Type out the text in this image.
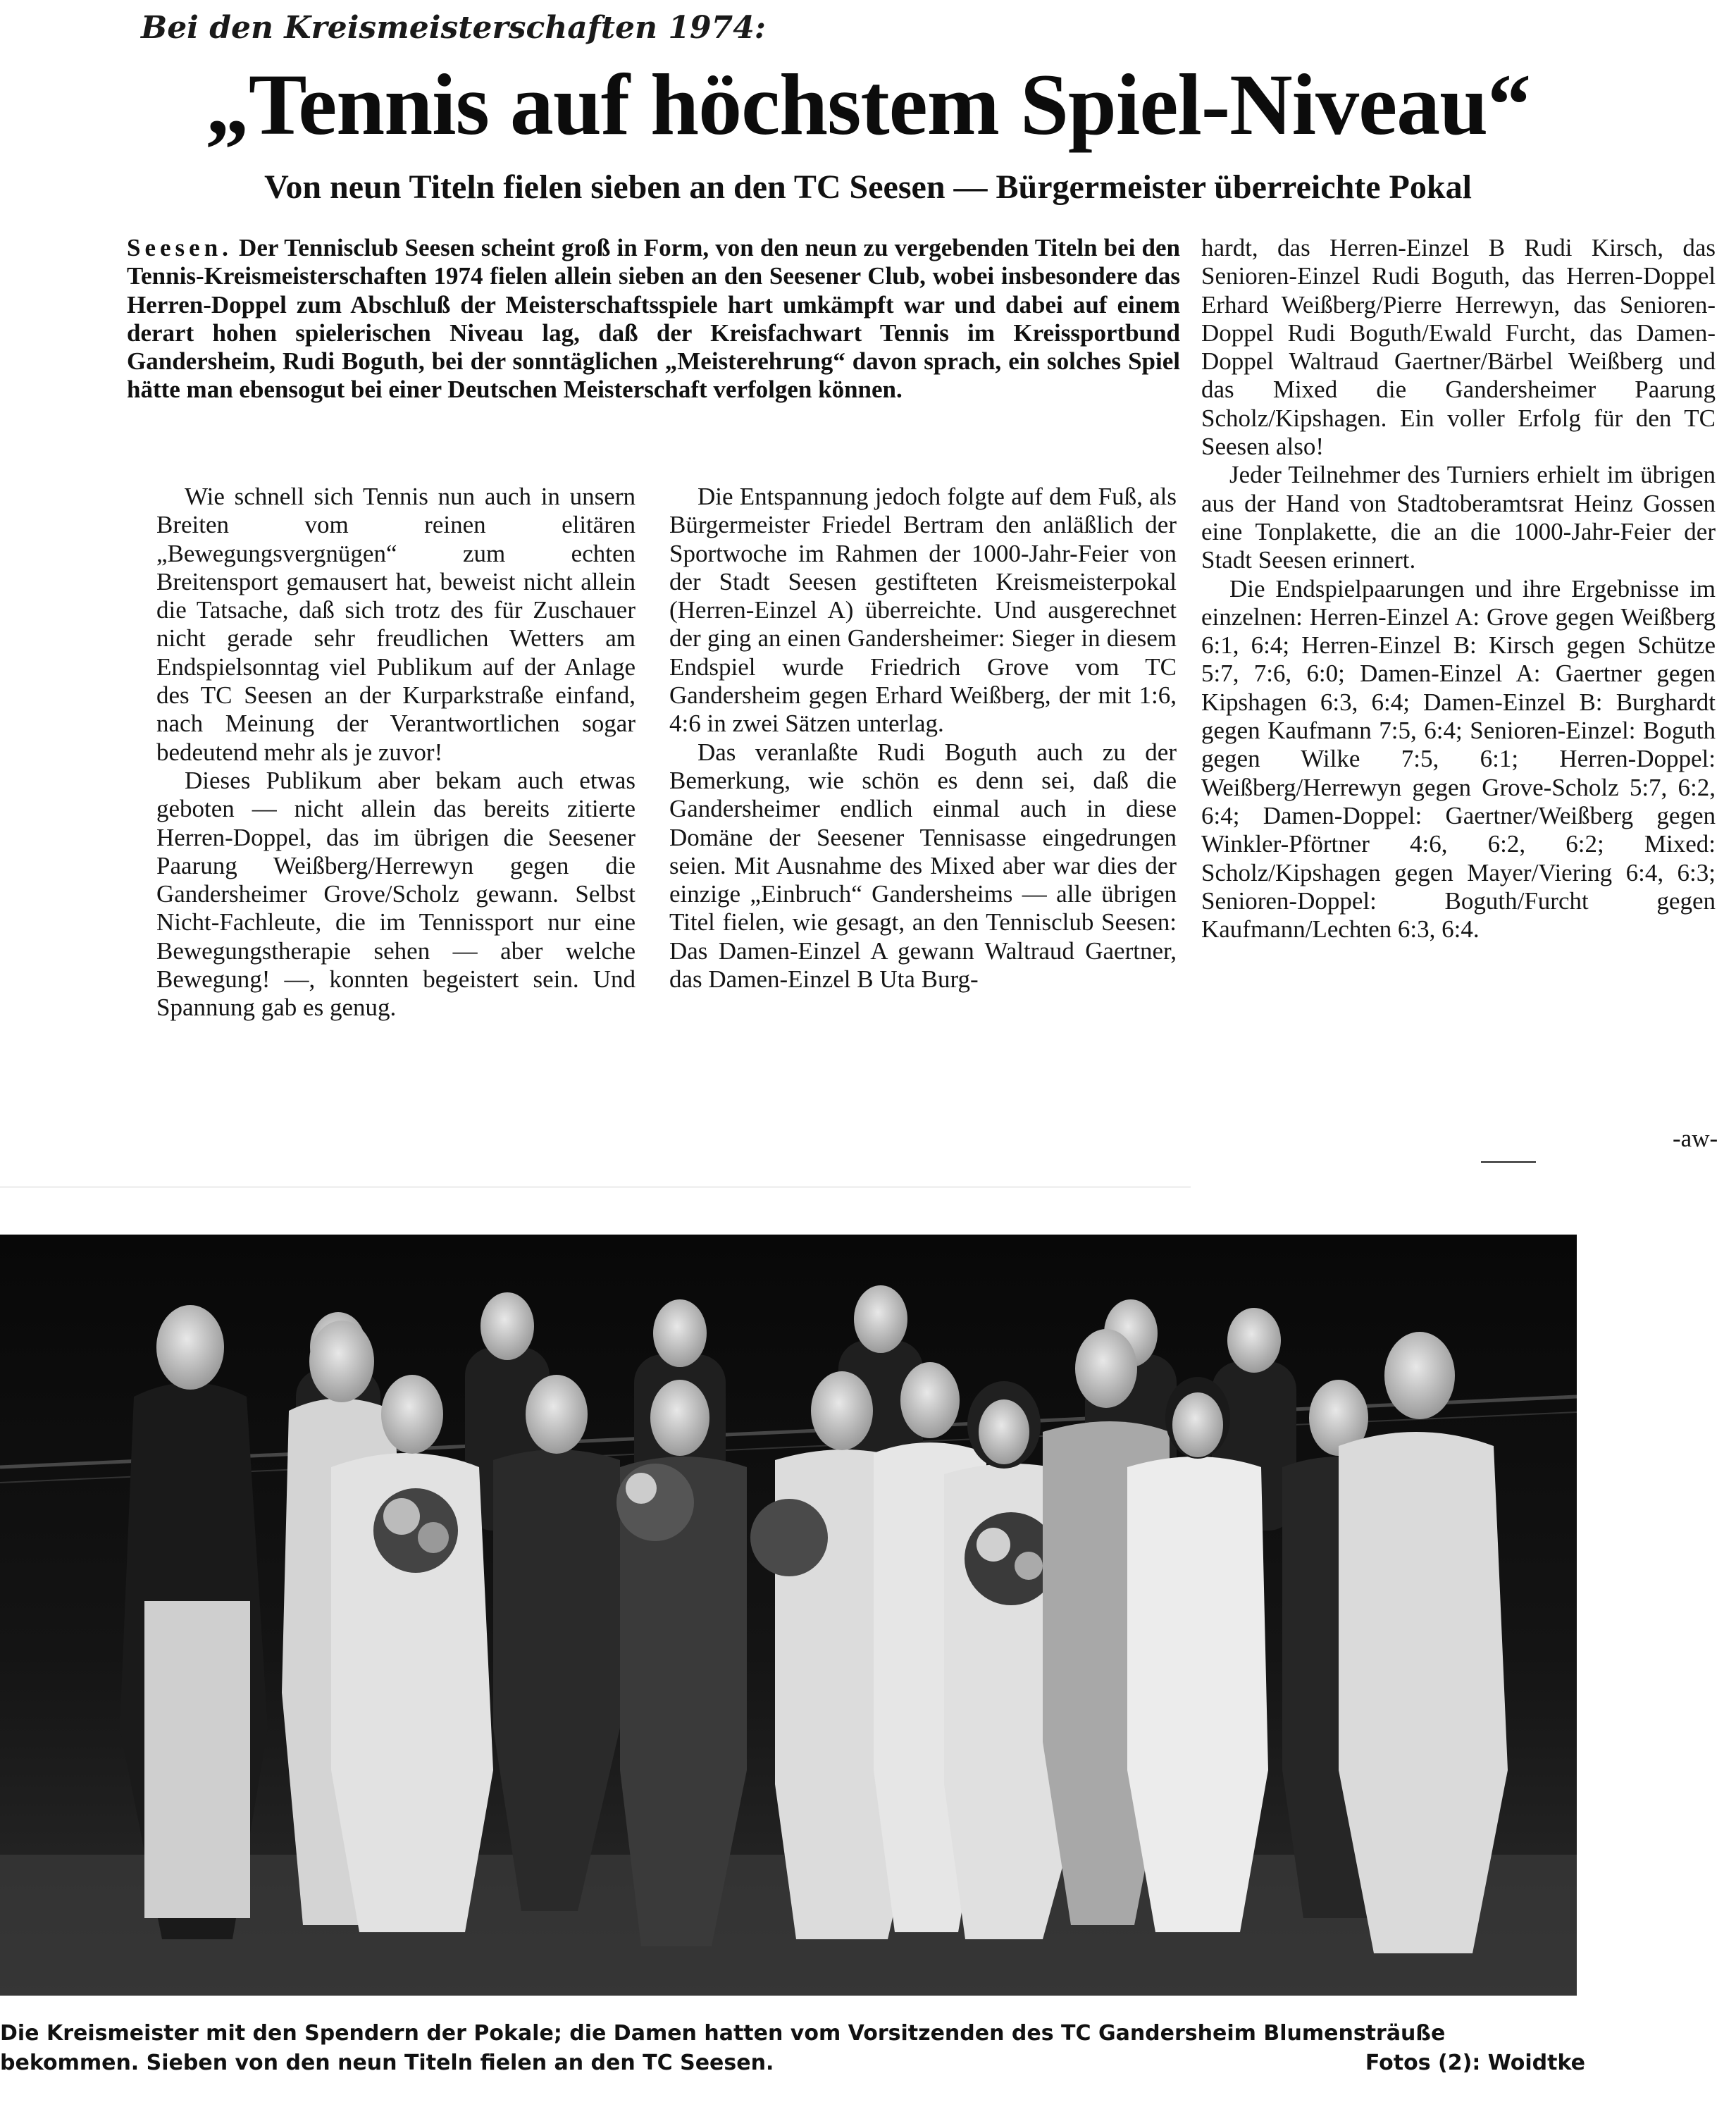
Bei den Kreismeisterschaften 1974:
„Tennis auf höchstem Spiel-Niveau“
Von neun Titeln fielen sieben an den TC Seesen — Bürgermeister überreichte Pokal

Seesen. Der Tennisclub Seesen scheint groß in Form, von den neun zu vergebenden Titeln bei den Tennis-Kreismeisterschaften 1974 fielen allein sieben an den Seesener Club, wobei insbesondere das Herren-Doppel zum Abschluß der Meisterschaftsspiele hart umkämpft war und dabei auf einem derart hohen spielerischen Niveau lag, daß der Kreisfachwart Tennis im Kreissportbund Gandersheim, Rudi Boguth, bei der sonntäglichen „Meisterehrung“ davon sprach, ein solches Spiel hätte man ebensogut bei einer Deutschen Meisterschaft verfolgen können.

Wie schnell sich Tennis nun auch in unsern Breiten vom reinen elitären „Bewegungsvergnügen“ zum echten Breitensport gemausert hat, beweist nicht allein die Tatsache, daß sich trotz des für Zuschauer nicht gerade sehr freudlichen Wetters am Endspielsonntag viel Publikum auf der Anlage des TC Seesen an der Kurparkstraße einfand, nach Meinung der Verantwortlichen sogar bedeutend mehr als je zuvor!

Dieses Publikum aber bekam auch etwas geboten — nicht allein das bereits zitierte Herren-Doppel, das im übrigen die Seesener Paarung Weißberg/Herrewyn gegen die Gandersheimer Grove/Scholz gewann. Selbst Nicht-Fachleute, die im Tennissport nur eine Bewegungstherapie sehen — aber welche Bewegung! —, konnten begeistert sein. Und Spannung gab es genug.

Die Entspannung jedoch folgte auf dem Fuß, als Bürgermeister Friedel Bertram den anläßlich der Sportwoche im Rahmen der 1000-Jahr-Feier von der Stadt Seesen gestifteten Kreismeisterpokal (Herren-Einzel A) überreichte. Und ausgerechnet der ging an einen Gandersheimer: Sieger in diesem Endspiel wurde Friedrich Grove vom TC Gandersheim gegen Erhard Weißberg, der mit 1:6, 4:6 in zwei Sätzen unterlag.

Das veranlaßte Rudi Boguth auch zu der Bemerkung, wie schön es denn sei, daß die Gandersheimer endlich einmal auch in diese Domäne der Seesener Tennisasse eingedrungen seien. Mit Ausnahme des Mixed aber war dies der einzige „Einbruch“ Gandersheims — alle übrigen Titel fielen, wie gesagt, an den Tennisclub Seesen: Das Damen-Einzel A gewann Waltraud Gaertner, das Damen-Einzel B Uta Burg-

hardt, das Herren-Einzel B Rudi Kirsch, das Senioren-Einzel Rudi Boguth, das Herren-Doppel Erhard Weißberg/Pierre Herrewyn, das Senioren-Doppel Rudi Boguth/Ewald Furcht, das Damen-Doppel Waltraud Gaertner/Bärbel Weißberg und das Mixed die Gandersheimer Paarung Scholz/Kipshagen. Ein voller Erfolg für den TC Seesen also!

Jeder Teilnehmer des Turniers erhielt im übrigen aus der Hand von Stadtoberamtsrat Heinz Gossen eine Tonplakette, die an die 1000-Jahr-Feier der Stadt Seesen erinnert.

Die Endspielpaarungen und ihre Ergebnisse im einzelnen: Herren-Einzel A: Grove gegen Weißberg 6:1, 6:4; Herren-Einzel B: Kirsch gegen Schütze 5:7, 7:6, 6:0; Damen-Einzel A: Gaertner gegen Kipshagen 6:3, 6:4; Damen-Einzel B: Burghardt gegen Kaufmann 7:5, 6:4; Senioren-Einzel: Boguth gegen Wilke 7:5, 6:1; Herren-Doppel: Weißberg/Herrewyn gegen Grove-Scholz 5:7, 6:2, 6:4; Damen-Doppel: Gaertner/Weißberg gegen Winkler-Pförtner 4:6, 6:2, 6:2; Mixed: Scholz/Kipshagen gegen Mayer/Viering 6:4, 6:3; Senioren-Doppel: Boguth/Furcht gegen Kaufmann/Lechten 6:3, 6:4.

-aw-
Die Kreismeister mit den Spendern der Pokale; die Damen hatten vom Vorsitzenden des TC Gandersheim Blumensträuße
bekommen. Sieben von den neun Titeln fielen an den TC Seesen.	Fotos (2): Woidtke
